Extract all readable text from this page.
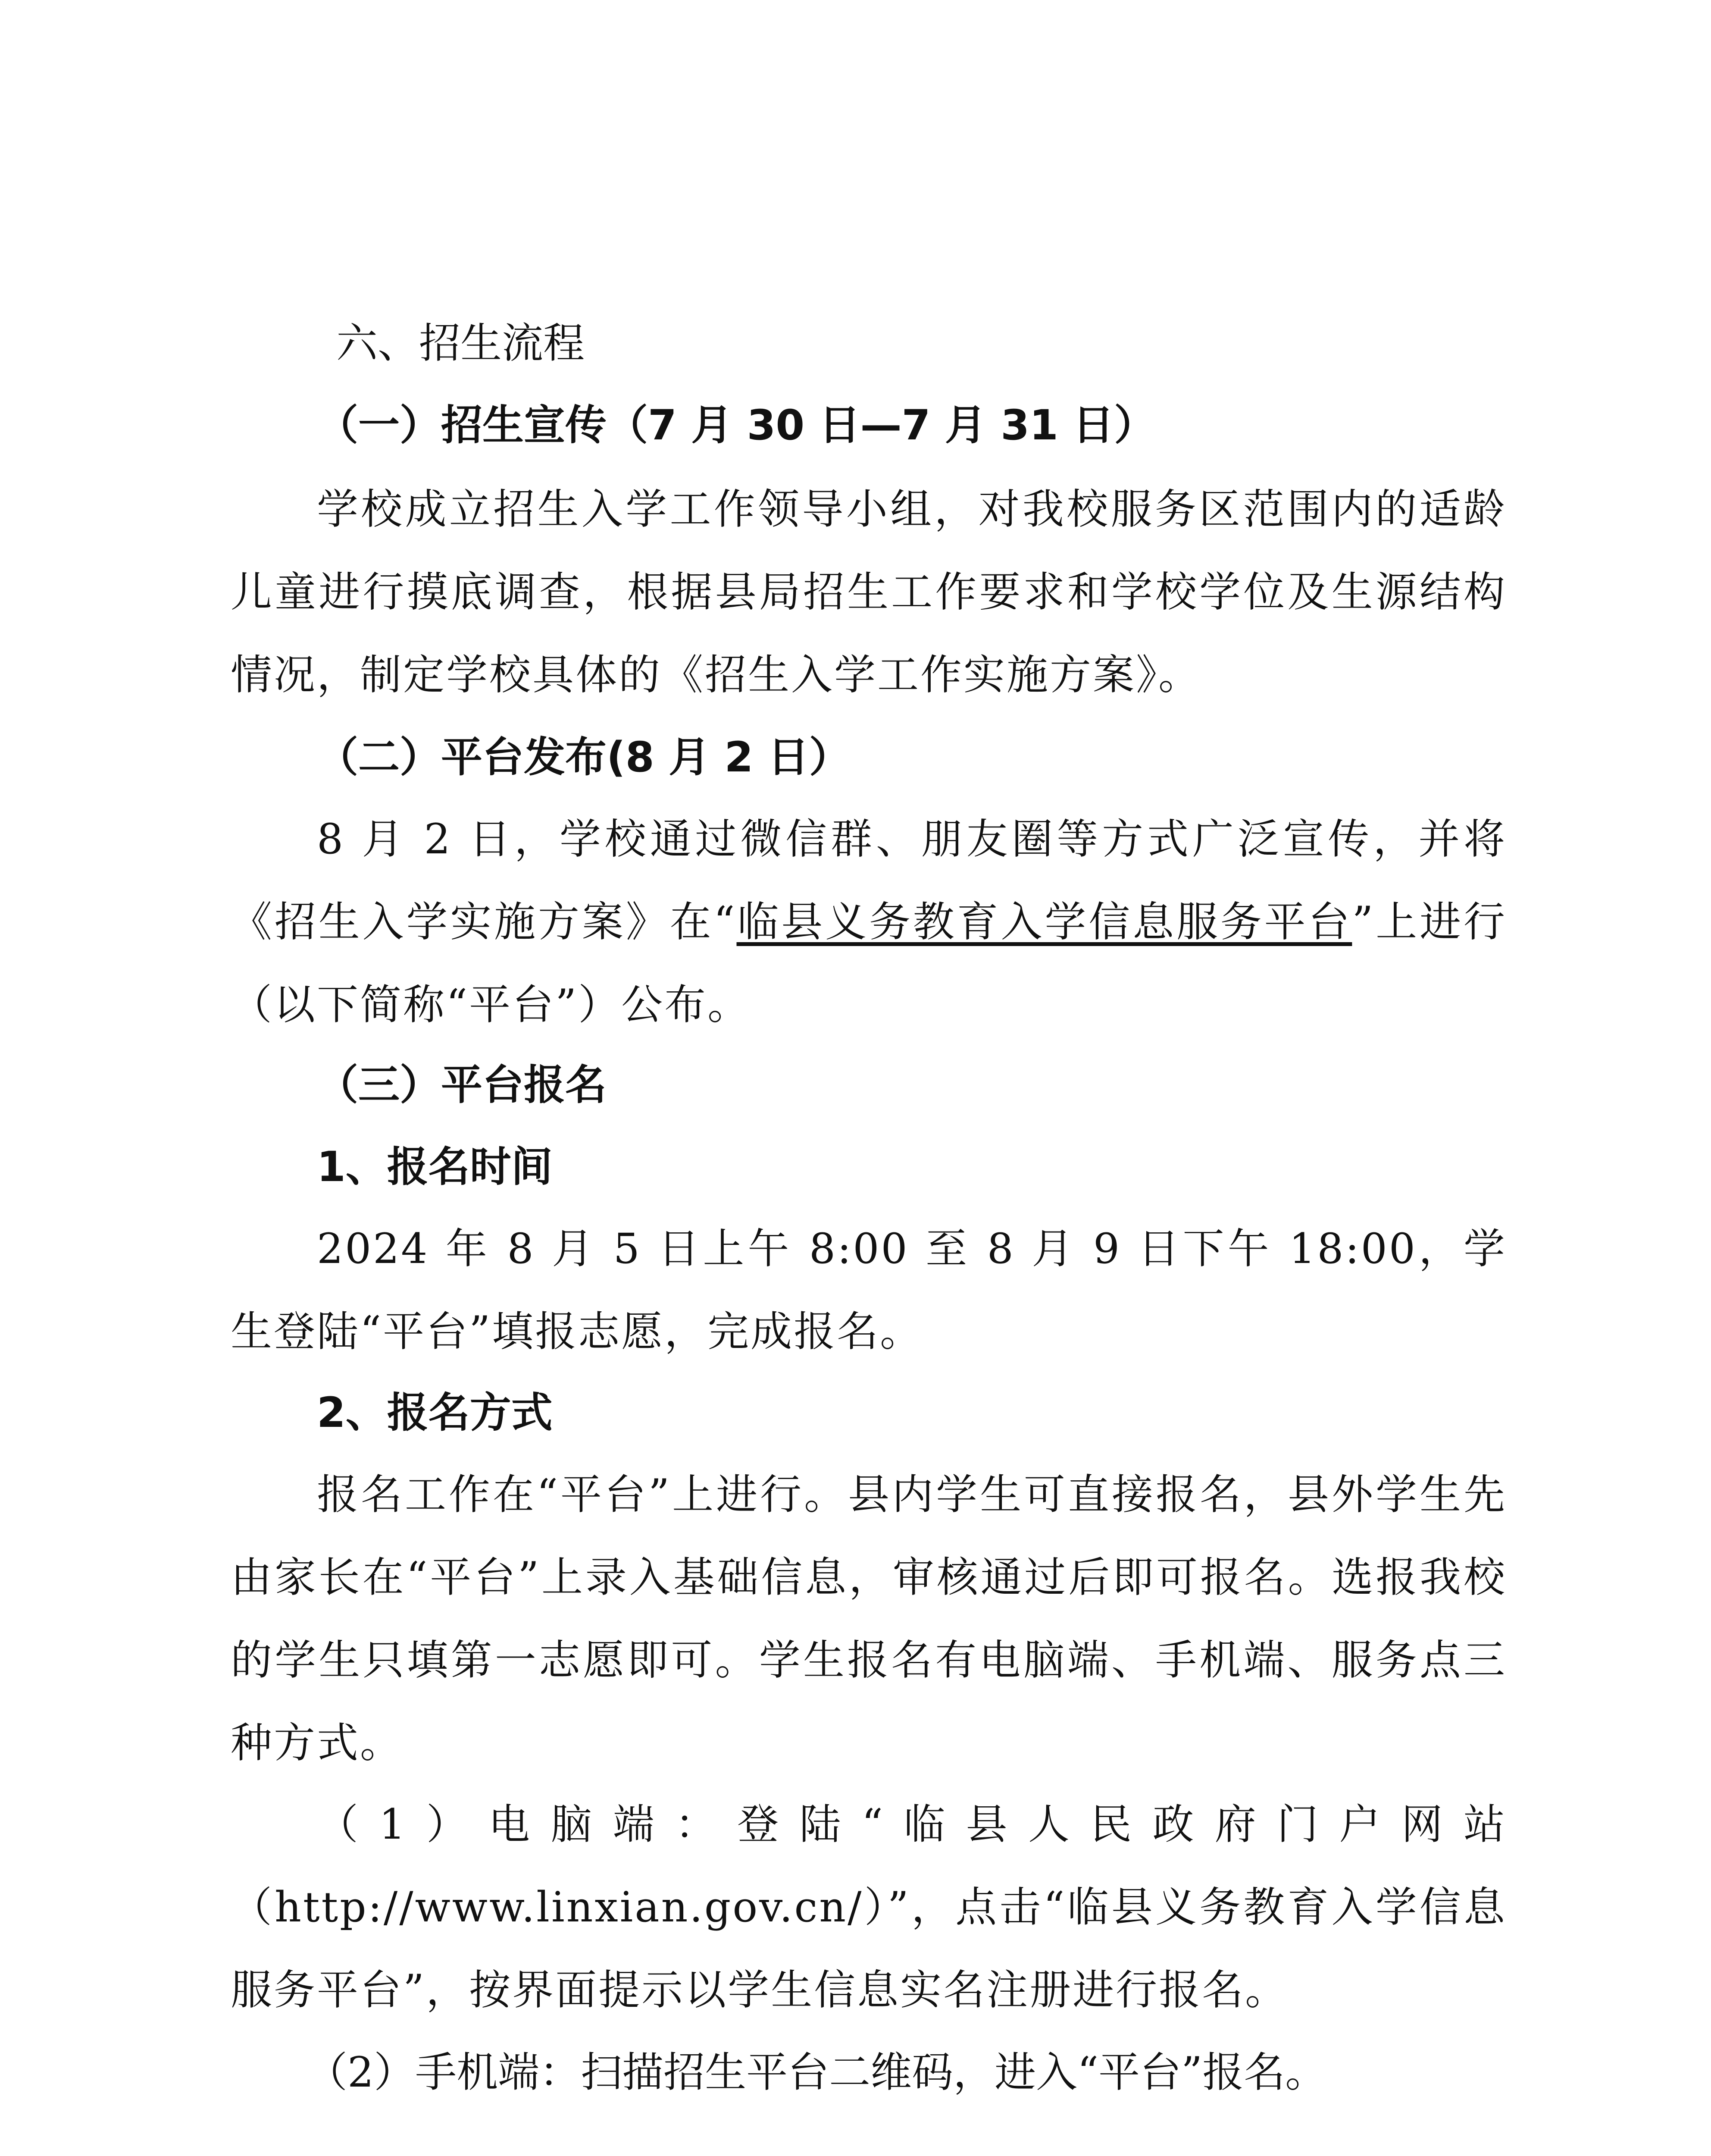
六、招生流程
（一）招生宣传（7 月 30 日—7 月 31 日）
学校成立招生入学工作领导小组，对我校服务区范围内的适龄儿童进行摸底调查，根据县局招生工作要求和学校学位及生源结构情况，制定学校具体的《招生入学工作实施方案》。
（二）平台发布(8 月 2 日）
8 月 2 日，学校通过微信群、朋友圈等方式广泛宣传，并将《招生入学实施方案》在“临县义务教育入学信息服务平台”上进行（以下简称“平台”）公布。
（三）平台报名
1、报名时间
2024 年 8 月 5 日上午 8:00 至 8 月 9 日下午 18:00，学生登陆“平台”填报志愿，完成报名。
2、报名方式
报名工作在“平台”上进行。县内学生可直接报名，县外学生先由家长在“平台”上录入基础信息，审核通过后即可报名。选报我校的学生只填第一志愿即可。学生报名有电脑端、手机端、服务点三种方式。
（1）电脑端：登陆“临县人民政府门户网站（http://www.linxian.gov.cn/）”，点击“临县义务教育入学信息服务平台”，按界面提示以学生信息实名注册进行报名。
（2）手机端：扫描招生平台二维码，进入“平台”报名。
